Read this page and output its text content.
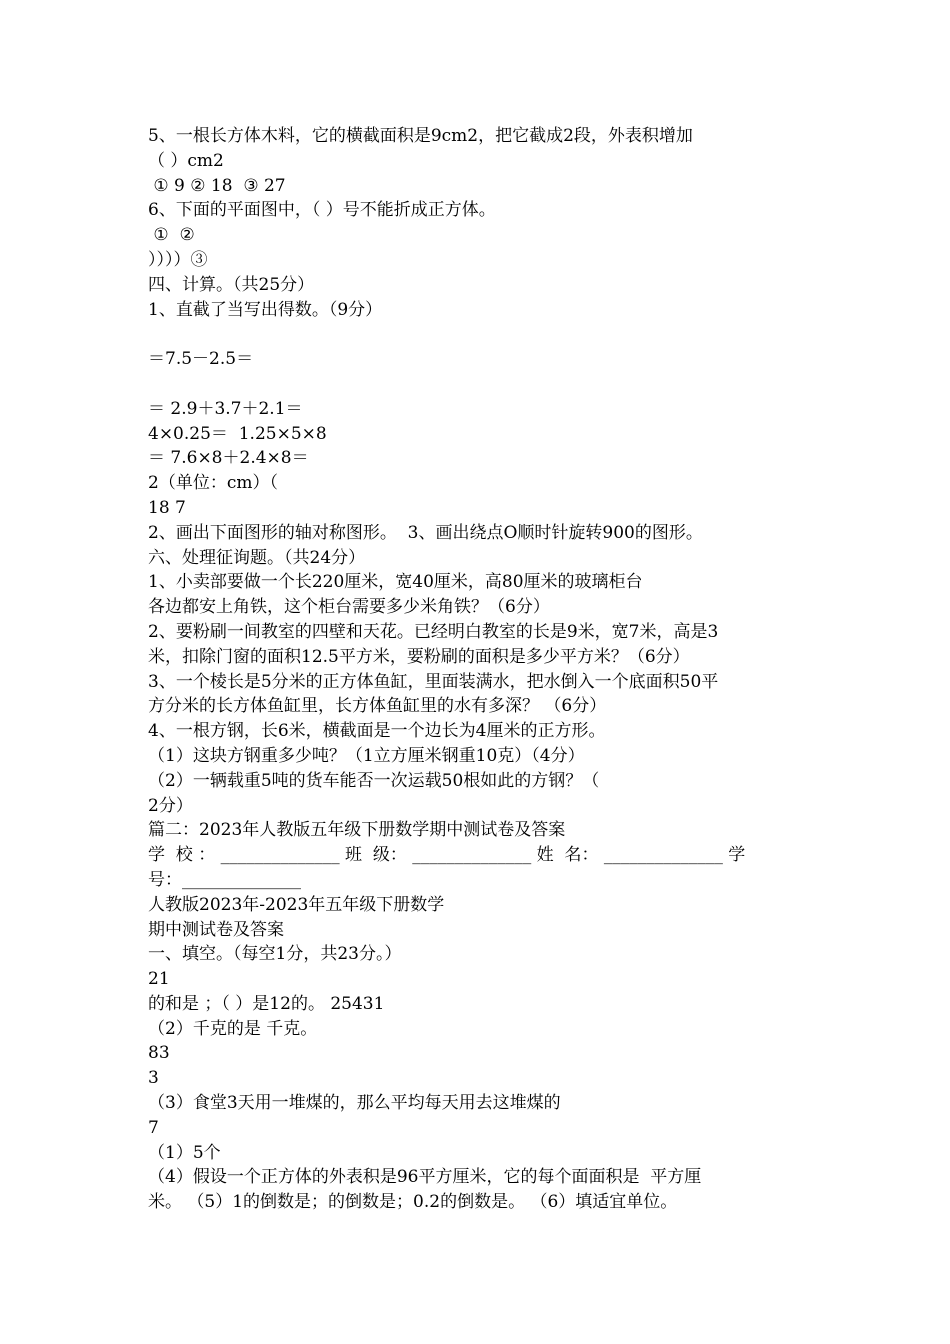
5、一根长方体木料，它的横截面积是9cm2，把它截成2段，外表积增加
（ ）cm2
① 9 ② 18  ③ 27
6、下面的平面图中，（ ）号不能折成正方体。
①  ②
））））③
四、计算。（共25分）
1、直截了当写出得数。（9分）
＝7.5－2.5＝
＝ 2.9＋3.7＋2.1＝
4×0.25＝  1.25×5×8
＝ 7.6×8＋2.4×8＝
2（单位：cm）（
18 7
2、画出下面图形的轴对称图形。  3、画出绕点O顺时针旋转900的图形。
六、处理征询题。（共24分）
1、小卖部要做一个长220厘米，宽40厘米，高80厘米的玻璃柜台
各边都安上角铁，这个柜台需要多少米角铁？（6分）
2、要粉刷一间教室的四壁和天花。已经明白教室的长是9米，宽7米，高是3
米，扣除门窗的面积12.5平方米，要粉刷的面积是多少平方米？（6分）
3、一个棱长是5分米的正方体鱼缸，里面装满水，把水倒入一个底面积50平
方分米的长方体鱼缸里，长方体鱼缸里的水有多深？ （6分）
4、一根方钢，长6米，横截面是一个边长为4厘米的正方形。
（1）这块方钢重多少吨？（1立方厘米钢重10克）（4分）
（2）一辆载重5吨的货车能否一次运载50根如此的方钢？（
2分）
篇二：2023年人教版五年级下册数学期中测试卷及答案
学  校 ： ______________ 班  级： ______________ 姓  名： ______________ 学
号：______________
人教版2023年-2023年五年级下册数学
期中测试卷及答案
一、填空。（每空1分，共23分。）
21
的和是 ；（ ）是12的。 25431
（2）千克的是 千克。
83
3
（3）食堂3天用一堆煤的，那么平均每天用去这堆煤的
7
（1）5个
（4）假设一个正方体的外表积是96平方厘米，它的每个面面积是  平方厘
米。 （5）1的倒数是；的倒数是；0.2的倒数是。 （6）填适宜单位。
